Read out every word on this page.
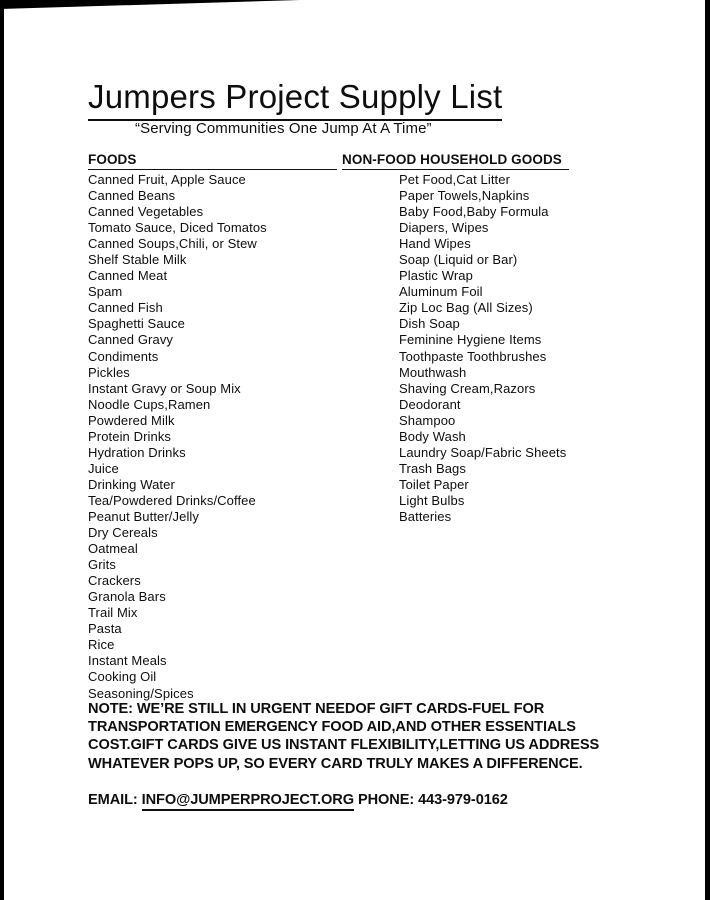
Jumpers Project Supply List
“Serving Communities One Jump At A Time”
FOODS
Canned Fruit, Apple Sauce
Canned Beans
Canned Vegetables
Tomato Sauce, Diced Tomatos
Canned Soups,Chili, or Stew
Shelf Stable Milk
Canned Meat
Spam
Canned Fish
Spaghetti Sauce
Canned Gravy
Condiments
Pickles
Instant Gravy or Soup Mix
Noodle Cups,Ramen
Powdered Milk
Protein Drinks
Hydration Drinks
Juice
Drinking Water
Tea/Powdered Drinks/Coffee
Peanut Butter/Jelly
Dry Cereals
Oatmeal
Grits
Crackers
Granola Bars
Trail Mix
Pasta
Rice
Instant Meals
Cooking Oil
Seasoning/Spices
NON-FOOD HOUSEHOLD GOODS
Pet Food,Cat Litter
Paper Towels,Napkins
Baby Food,Baby Formula
Diapers, Wipes
Hand Wipes
Soap (Liquid or Bar)
Plastic Wrap
Aluminum Foil
Zip Loc Bag (All Sizes)
Dish Soap
Feminine Hygiene Items
Toothpaste Toothbrushes
Mouthwash
Shaving Cream,Razors
Deodorant
Shampoo
Body Wash
Laundry Soap/Fabric Sheets
Trash Bags
Toilet Paper
Light Bulbs
Batteries
NOTE: WE’RE STILL IN URGENT NEEDOF GIFT CARDS-FUEL FOR
TRANSPORTATION EMERGENCY FOOD AID,AND OTHER ESSENTIALS
COST.GIFT CARDS GIVE US INSTANT FLEXIBILITY,LETTING US ADDRESS
WHATEVER POPS UP, SO EVERY CARD TRULY MAKES A DIFFERENCE.
EMAIL: INFO@JUMPERPROJECT.ORG PHONE: 443-979-0162
